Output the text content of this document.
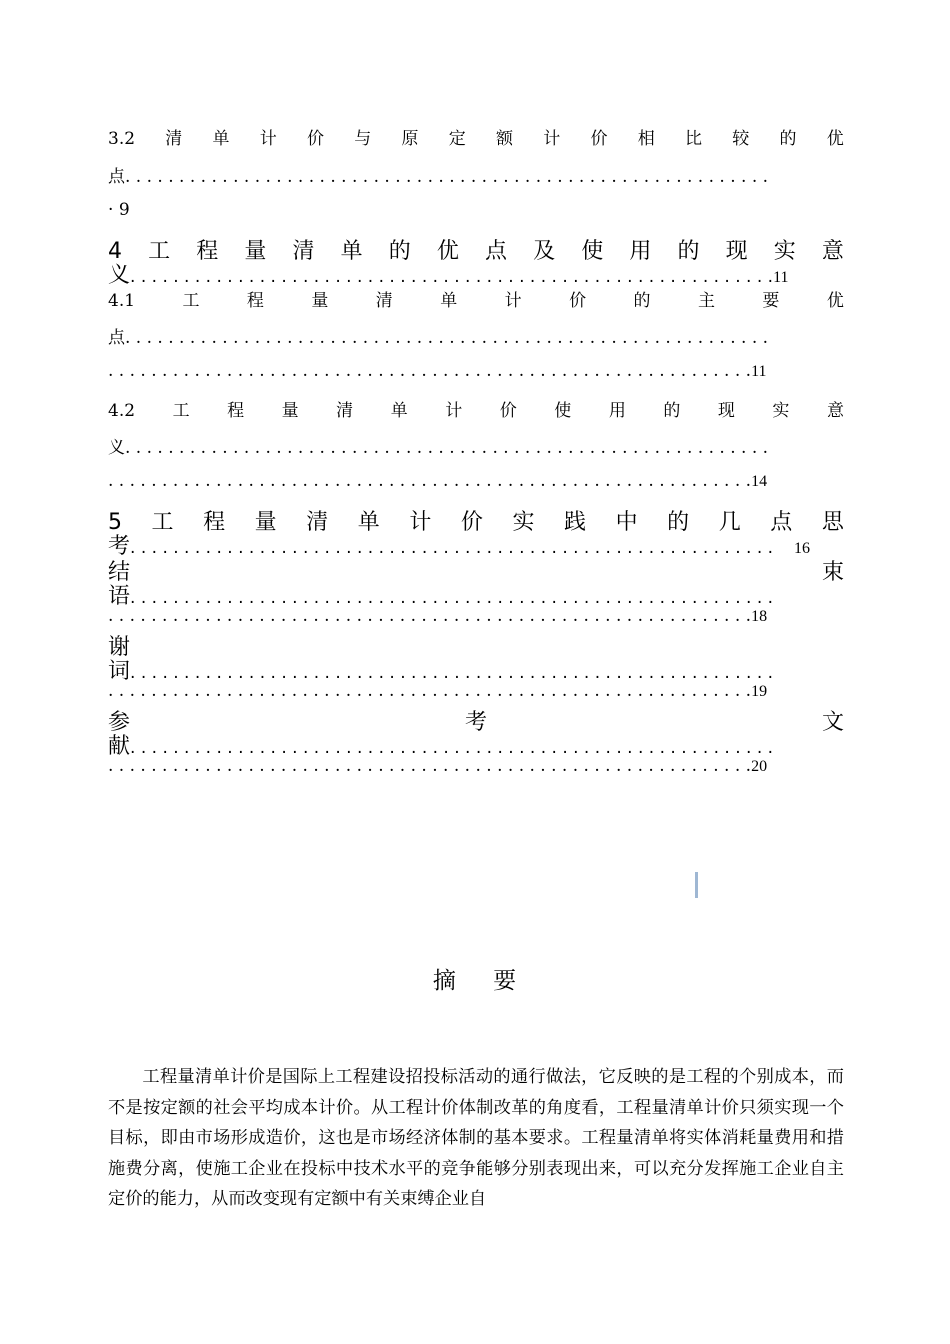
3.2 清 单 计 价 与 原 定 额 计 价 相 比 较 的 优
点 . . . . . . . . . . . . . . . . . . . . . . . . . . . . . . . . . . . . . . . . . . . . . . . . . . . . . . . . . . . .
· 9
4 工 程 量 清 单 的 优 点 及 使 用 的 现 实 意
义 . . . . . . . . . . . . . . . . . . . . . . . . . . . . . . . . . . . . . . . . . . . . . . . . . . . . . . . . . . . . 11
4.1	工	程	量	清	单	计	价	的	主	要	优
点 . . . . . . . . . . . . . . . . . . . . . . . . . . . . . . . . . . . . . . . . . . . . . . . . . . . . . . . . . . . .
. . . . . . . . . . . . . . . . . . . . . . . . . . . . . . . . . . . . . . . . . . . . . . . . . . . . . . . . . . . . 11
4.2 工 程 量 清 单 计 价 使 用 的 现 实 意
义 . . . . . . . . . . . . . . . . . . . . . . . . . . . . . . . . . . . . . . . . . . . . . . . . . . . . . . . . . . . .
. . . . . . . . . . . . . . . . . . . . . . . . . . . . . . . . . . . . . . . . . . . . . . . . . . . . . . . . . . . . 14
5 工 程 量 清 单 计 价 实 践 中 的 几 点 思
考 . . . . . . . . . . . . . . . . . . . . . . . . . . . . . . . . . . . . . . . . . . . . . . . . . . . . . . . . . . . .	16
结	束
语 . . . . . . . . . . . . . . . . . . . . . . . . . . . . . . . . . . . . . . . . . . . . . . . . . . . . . . . . . . . .
. . . . . . . . . . . . . . . . . . . . . . . . . . . . . . . . . . . . . . . . . . . . . . . . . . . . . . . . . . . . 18
谢
词 . . . . . . . . . . . . . . . . . . . . . . . . . . . . . . . . . . . . . . . . . . . . . . . . . . . . . . . . . . . .
. . . . . . . . . . . . . . . . . . . . . . . . . . . . . . . . . . . . . . . . . . . . . . . . . . . . . . . . . . . . 19
参	考	文
献 . . . . . . . . . . . . . . . . . . . . . . . . . . . . . . . . . . . . . . . . . . . . . . . . . . . . . . . . . . . .
. . . . . . . . . . . . . . . . . . . . . . . . . . . . . . . . . . . . . . . . . . . . . . . . . . . . . . . . . . . . 20
摘 要

工程量清单计价是国际上工程建设招投标活动的通行做法，它反映的是工程的个别成本，而不是按定额的社会平均成本计价。从工程计价体制改革的角度看，工程量清单计价只须实现一个目标，即由市场形成造价，这也是市场经济体制的基本要求。工程量清单将实体消耗量费用和措施费分离，使施工企业在投标中技术水平的竞争能够分别表现出来，可以充分发挥施工企业自主定价的能力，从而改变现有定额中有关束缚企业自
